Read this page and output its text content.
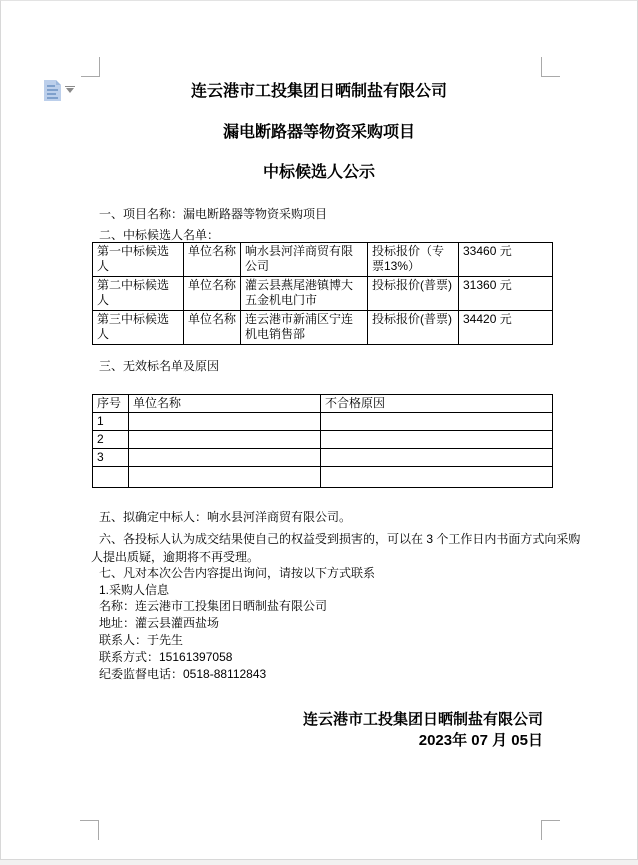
连云港市工投集团日晒制盐有限公司
漏电断路器等物资采购项目
中标候选人公示
一、项目名称：漏电断路器等物资采购项目
二、中标候选人名单：
第一中标候选人	单位名称	响水县河洋商贸有限公司	投标报价（专票13%）	33460 元
第二中标候选人	单位名称	灌云县燕尾港镇博大五金机电门市	投标报价(普票)	31360 元
第三中标候选人	单位名称	连云港市新浦区宁连机电销售部	投标报价(普票)	34420 元
三、无效标名单及原因
序号	单位名称	不合格原因
1		
2		
3		

五、拟确定中标人：响水县河洋商贸有限公司。
六、各投标人认为成交结果使自己的权益受到损害的，可以在 3 个工作日内书面方式向采购
人提出质疑，逾期将不再受理。
七、凡对本次公告内容提出询问，请按以下方式联系
1.采购人信息
名称：连云港市工投集团日晒制盐有限公司
地址：灌云县灌西盐场
联系人：于先生
联系方式：15161397058
纪委监督电话：0518-88112843
连云港市工投集团日晒制盐有限公司
2023年 07 月 05日
